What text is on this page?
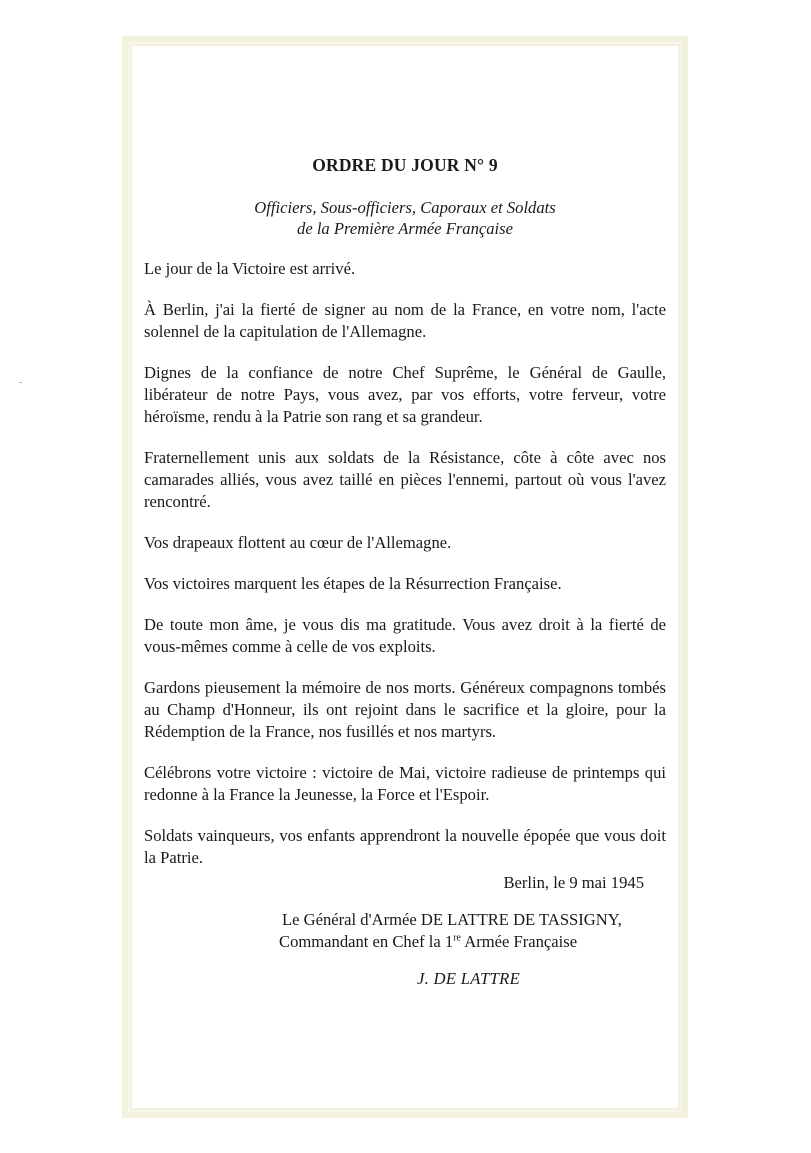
ORDRE DU JOUR N° 9
Officiers, Sous-officiers, Caporaux et Soldats
de la Première Armée Française

Le jour de la Victoire est arrivé.

À Berlin, j'ai la fierté de signer au nom de la France, en votre nom, l'acte solennel de la capitulation de l'Allemagne.

Dignes de la confiance de notre Chef Suprême, le Général de Gaulle, libérateur de notre Pays, vous avez, par vos efforts, votre ferveur, votre héroïsme, rendu à la Patrie son rang et sa grandeur.

Fraternellement unis aux soldats de la Résistance, côte à côte avec nos camarades alliés, vous avez taillé en pièces l'ennemi, partout où vous l'avez rencontré.

Vos drapeaux flottent au cœur de l'Allemagne.

Vos victoires marquent les étapes de la Résurrection Française.

De toute mon âme, je vous dis ma gratitude. Vous avez droit à la fierté de vous-mêmes comme à celle de vos exploits.

Gardons pieusement la mémoire de nos morts. Généreux compagnons tombés au Champ d'Honneur, ils ont rejoint dans le sacrifice et la gloire, pour la Rédemption de la France, nos fusillés et nos martyrs.

Célébrons votre victoire : victoire de Mai, victoire radieuse de printemps qui redonne à la France la Jeunesse, la Force et l'Espoir.

Soldats vainqueurs, vos enfants apprendront la nouvelle épopée que vous doit la Patrie.

Berlin, le 9 mai 1945
Le Général d'Armée DE LATTRE DE TASSIGNY,
Commandant en Chef la 1re Armée Française
J. DE LATTRE
